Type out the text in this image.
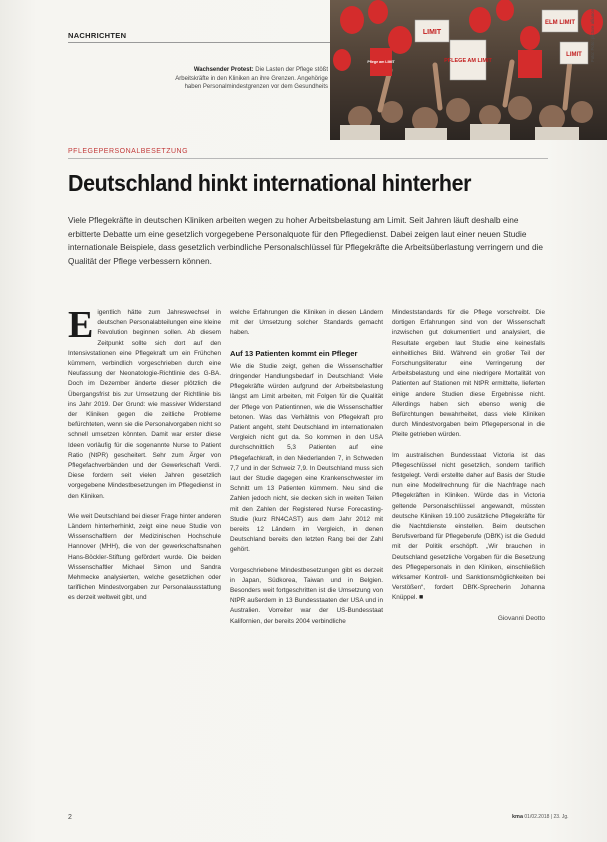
NACHRICHTEN	LIMIT
PFLEGE AM LIMIT
Pflege am LIMIT
ELM LIMIT
LIMIT Foto: Foto: picture alliance
Wachsender Protest: Die Lasten der Pflege stößt Arbeitskräfte in den Kliniken an ihre Grenzen. Angehörige haben Personalmindestgrenzen vor dem Gesundheits
PFLEGEPERSONALBESETZUNG
Deutschland hinkt international hinterher

Viele Pflegekräfte in deutschen Kliniken arbeiten wegen zu hoher Arbeitsbelastung am Limit. Seit Jahren läuft deshalb eine erbitterte Debatte um eine gesetzlich vorgegebene Personalquote für den Pflegedienst. Dabei zeigen laut einer neuen Studie internationale Beispiele, dass gesetzlich verbindliche Personalschlüssel für Pflegekräfte die Arbeitsüberlastung verringern und die Qualität der Pflege verbessern können.

Eigentlich hätte zum Jahreswechsel in deutschen Personalabteilungen eine kleine Revolution beginnen sollen. Ab diesem Zeitpunkt sollte sich dort auf den Intensivstationen eine Pflegekraft um ein Frühchen kümmern, verbindlich vorgeschrieben durch eine Neufassung der Neonatologie-Richtlinie des G-BA. Doch im Dezember änderte dieser plötzlich die Übergangsfrist bis zur Umsetzung der Richtlinie bis ins Jahr 2019. Der Grund: wie massiver Widerstand der Kliniken gegen die zeitliche Probleme befürchteten, wenn sie die Personalvorgaben nicht so schnell umsetzen könnten. Damit war erster diese Ideen vorläufig für die sogenannte Nurse to Patient Ratio (NtPR) gescheitert. Sehr zum Ärger von Pflegefachverbänden und der Gewerkschaft Verdi. Diese fordern seit vielen Jahren gesetzlich vorgegebene Mindestbesetzungen im Pflegedienst in den Kliniken.

Wie weit Deutschland bei dieser Frage hinter anderen Ländern hinterherhinkt, zeigt eine neue Studie von Wissenschaftlern der Medizinischen Hochschule Hannover (MHH), die von der gewerkschaftsnahen Hans-Böckler-Stiftung gefördert wurde. Die beiden Wissenschaftler Michael Simon und Sandra Mehmecke analysierten, welche gesetzlichen oder tariflichen Mindestvorgaben zur Personalausstattung es derzeit weltweit gibt, und

welche Erfahrungen die Kliniken in diesen Ländern mit der Umsetzung solcher Standards gemacht haben.

Auf 13 Patienten kommt ein Pfleger

Wie die Studie zeigt, gehen die Wissenschaftler dringender Handlungsbedarf in Deutschland: Viele Pflegekräfte würden aufgrund der Arbeitsbelastung längst am Limit arbeiten, mit Folgen für die Qualität der Pflege von Patientinnen, wie die Wissenschaftler betonen. Was das Verhältnis von Pflegekraft pro Patient angeht, steht Deutschland im internationalen Vergleich nicht gut da. So kommen in den USA durchschnittlich 5,3 Patienten auf eine Pflegefachkraft, in den Niederlanden 7, in Schweden 7,7 und in der Schweiz 7,9. In Deutschland muss sich laut der Studie dagegen eine Krankenschwester im Schnitt um 13 Patienten kümmern. Neu sind die Zahlen jedoch nicht, sie decken sich in weiten Teilen mit den Zahlen der Registered Nurse Forecasting-Studie (kurz RN4CAST) aus dem Jahr 2012 mit bereits 12 Ländern im Vergleich, in denen Deutschland bereits den letzten Rang bei der Zahl gehört.

Vorgeschriebene Mindestbesetzungen gibt es derzeit in Japan, Südkorea, Taiwan und in Belgien. Besonders weit fortgeschritten ist die Umsetzung von NtPR außerdem in 13 Bundesstaaten der USA und in Australien. Vorreiter war der US-Bundesstaat Kalifornien, der bereits 2004 verbindliche

Mindeststandards für die Pflege vorschreibt. Die dortigen Erfahrungen sind von der Wissenschaft inzwischen gut dokumentiert und analysiert, die Resultate ergeben laut Studie eine keinesfalls einheitliches Bild. Während ein großer Teil der Forschungsliteratur eine Verringerung der Arbeitsbelastung und eine niedrigere Mortalität von Patienten auf Stationen mit NtPR ermittelte, lieferten einige andere Studien diese Ergebnisse nicht. Allerdings haben sich ebenso wenig die Befürchtungen bewahrheitet, dass viele Kliniken durch Mindestvorgaben beim Pflegepersonal in die Pleite getrieben würden.

Im australischen Bundesstaat Victoria ist das Pflegeschlüssel nicht gesetzlich, sondern tariflich festgelegt. Verdi erstellte daher auf Basis der Studie nun eine Modellrechnung für die Nachfrage nach Pflegekräften in Kliniken. Würde das in Victoria geltende Personalschlüssel angewandt, müssten deutsche Kliniken 19.100 zusätzliche Pflegekräfte für die Nachtdienste einstellen. Beim deutschen Berufsverband für Pflegeberufe (DBfK) ist die Geduld mit der Politik erschöpft. „Wir brauchen in Deutschland gesetzliche Vorgaben für die Besetzung des Pflegepersonals in den Kliniken, einschließlich wirksamer Kontroll- und Sanktionsmöglichkeiten bei Verstößen“, fordert DBfK-Sprecherin Johanna Knüppel. ■

Giovanni Deotto
2	kma 01/02.2018 | 23. Jg.
